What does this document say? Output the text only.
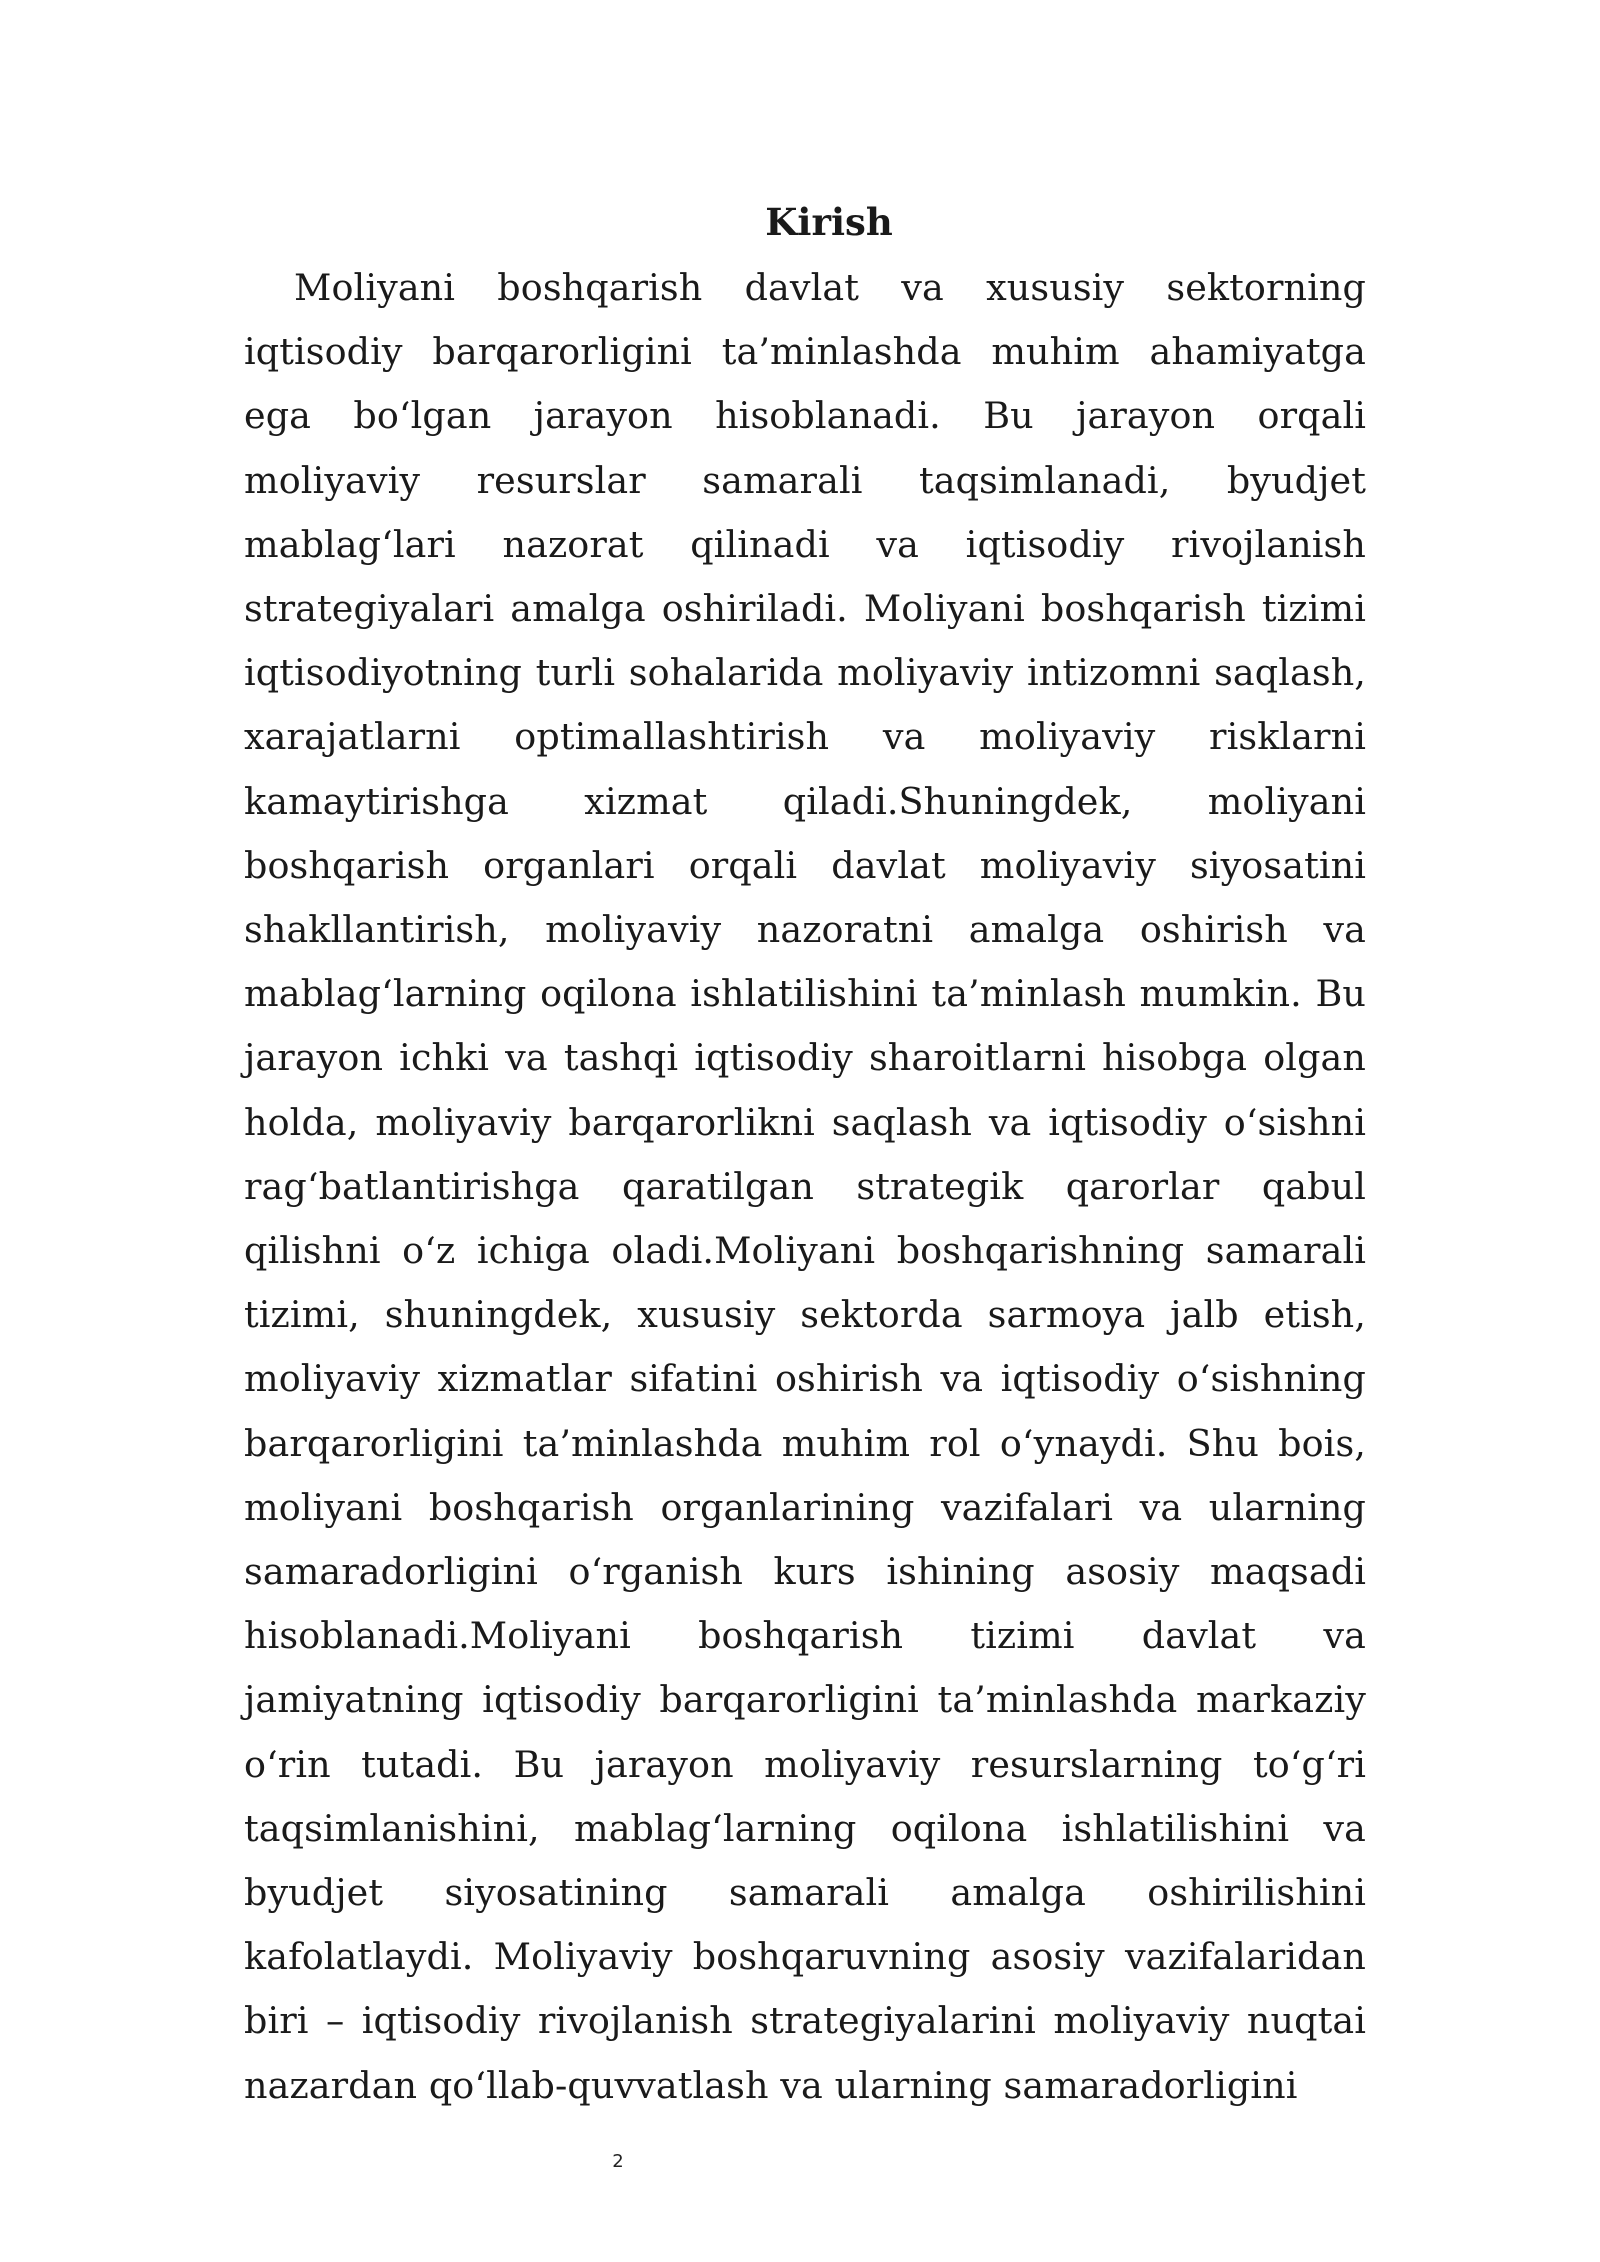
Kirish

Moliyani boshqarish davlat va xususiy sektorning iqtisodiy barqarorligini ta’minlashda muhim ahamiyatga ega boʻlgan jarayon hisoblanadi. Bu jarayon orqali moliyaviy resurslar samarali taqsimlanadi, byudjet mablagʻlari nazorat qilinadi va iqtisodiy rivojlanish strategiyalari amalga oshiriladi. Moliyani boshqarish tizimi iqtisodiyotning turli sohalarida moliyaviy intizomni saqlash, xarajatlarni optimallashtirish va moliyaviy risklarni kamaytirishga xizmat qiladi.Shuningdek, moliyani boshqarish organlari orqali davlat moliyaviy siyosatini shakllantirish, moliyaviy nazoratni amalga oshirish va mablagʻlarning oqilona ishlatilishini ta’minlash mumkin. Bu jarayon ichki va tashqi iqtisodiy sharoitlarni hisobga olgan holda, moliyaviy barqarorlikni saqlash va iqtisodiy oʻsishni ragʻbatlantirishga qaratilgan strategik qarorlar qabul qilishni oʻz ichiga oladi.Moliyani boshqarishning samarali tizimi, shuningdek, xususiy sektorda sarmoya jalb etish, moliyaviy xizmatlar sifatini oshirish va iqtisodiy oʻsishning barqarorligini ta’minlashda muhim rol oʻynaydi. Shu bois, moliyani boshqarish organlarining vazifalari va ularning samaradorligini oʻrganish kurs ishining asosiy maqsadi hisoblanadi.Moliyani boshqarish tizimi davlat va jamiyatning iqtisodiy barqarorligini ta’minlashda markaziy oʻrin tutadi. Bu jarayon moliyaviy resurslarning toʻgʻri taqsimlanishini, mablagʻlarning oqilona ishlatilishini va byudjet siyosatining samarali amalga oshirilishini kafolatlaydi. Moliyaviy boshqaruvning asosiy vazifalaridan biri – iqtisodiy rivojlanish strategiyalarini moliyaviy nuqtai nazardan qoʻllab-quvvatlash va ularning samaradorligini

2
